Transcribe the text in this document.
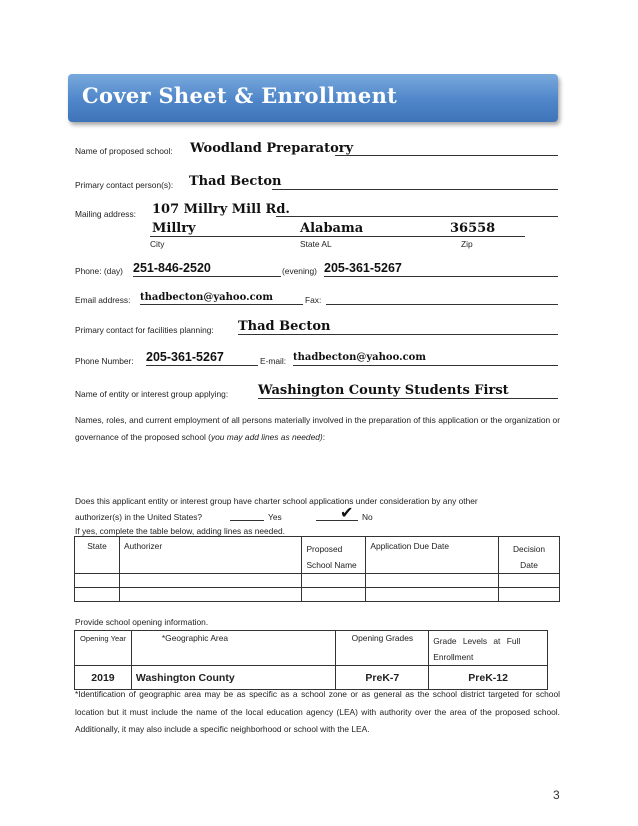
Cover Sheet & Enrollment
Name of proposed school: Woodland Preparatory
Primary contact person(s): Thad Becton
Mailing address: 107 Millry Mill Rd.
Millry	Alabama	36558
City	State AL	Zip
Phone: (day) 251-846-2520	(evening) 205-361-5267
Email address: thadbecton@yahoo.com	Fax:
Primary contact for facilities planning: Thad Becton
Phone Number: 205-361-5267	E-mail: thadbecton@yahoo.com
Name of entity or interest group applying: Washington County Students First
Names, roles, and current employment of all persons materially involved in the preparation of this application or the organization or governance of the proposed school (you may add lines as needed):
Does this applicant entity or interest group have charter school applications under consideration by any other
authorizer(s) in the United States?	Yes	✔ No
If yes, complete the table below, adding lines as needed.
State	Authorizer	Proposed School Name	Application Due Date	Decision Date

Provide school opening information.
Opening Year	*Geographic Area	Opening Grades	Grade Levels at Full Enrollment
2019	Washington County	PreK-7	PreK-12
*Identification of geographic area may be as specific as a school zone or as general as the school district targeted for school location but it must include the name of the local education agency (LEA) with authority over the area of the proposed school. Additionally, it may also include a specific neighborhood or school with the LEA.
3
